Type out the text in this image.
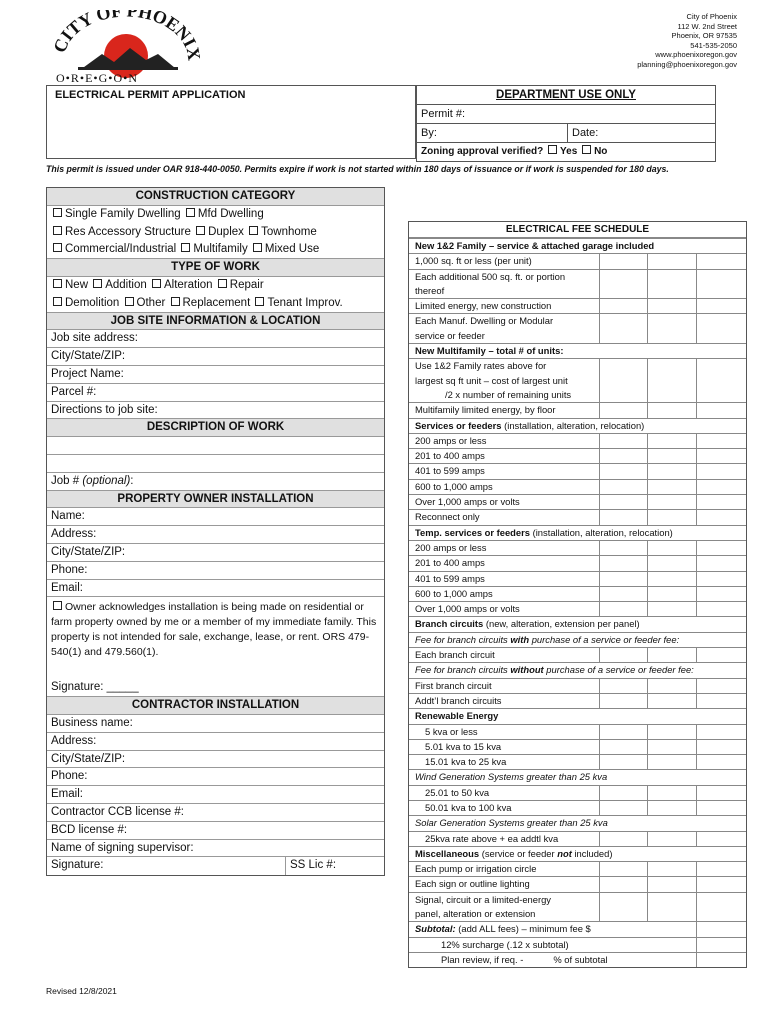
CITY OF PHOENI
O•R•E•G•O•N
City of Phoenix
112 W. 2nd Street
Phoenix, OR 97535
541-535-2050
www.phoenixoregon.gov
planning@phoenixoregon.gov
ELECTRICAL PERMIT APPLICATION	DEPARTMENT USE ONLY
Permit #:
By:	Date:
Zoning approval verified? Yes No
This permit is issued under OAR 918-440-0050. Permits expire if work is not started within 180 days of issuance or if work is suspended for 180 days.
CONSTRUCTION CATEGORY
Single Family Dwelling Mfd Dwelling
Res Accessory Structure Duplex Townhome
Commercial/Industrial Multifamily Mixed Use
TYPE OF WORK
New Addition Alteration Repair
Demolition Other Replacement Tenant Improv.
JOB SITE INFORMATION & LOCATION
Job site address:
City/State/ZIP:
Project Name:
Parcel #:
Directions to job site:
DESCRIPTION OF WORK
Job # (optional):
PROPERTY OWNER INSTALLATION
Name:
Address:
City/State/ZIP:
Phone:
Email:
Owner acknowledges installation is being made on residential or farm property owned by me or a member of my immediate family. This property is not intended for sale, exchange, lease, or rent. ORS 479-540(1) and 479.560(1).
Signature: _____
CONTRACTOR INSTALLATION
Business name:
Address:
City/State/ZIP:
Phone:
Email:
Contractor CCB license #:
BCD license #:
Name of signing supervisor:
Signature:	SS Lic #:
ELECTRICAL FEE SCHEDULE
New 1&2 Family – service & attached garage included
1,000 sq. ft or less (per unit)
Each additional 500 sq. ft. or portion
thereof
Limited energy, new construction
Each Manuf. Dwelling or Modular
service or feeder
New Multifamily – total # of units:
Use 1&2 Family rates above for
largest sq ft unit – cost of largest unit
/2 x number of remaining units
Multifamily limited energy, by floor
Services or feeders (installation, alteration, relocation)
200 amps or less
201 to 400 amps
401 to 599 amps
600 to 1,000 amps
Over 1,000 amps or volts
Reconnect only
Temp. services or feeders (installation, alteration, relocation)
200 amps or less
201 to 400 amps
401 to 599 amps
600 to 1,000 amps
Over 1,000 amps or volts
Branch circuits (new, alteration, extension per panel)
Fee for branch circuits with purchase of a service or feeder fee:
Each branch circuit
Fee for branch circuits without purchase of a service or feeder fee:
First branch circuit
Addt’l branch circuits
Renewable Energy
5 kva or less
5.01 kva to 15 kva
15.01 kva to 25 kva
Wind Generation Systems greater than 25 kva
25.01 to 50 kva
50.01 kva to 100 kva
Solar Generation Systems greater than 25 kva
25kva rate above + ea addtl kva
Miscellaneous (service or feeder not included)
Each pump or irrigation circle
Each sign or outline lighting
Signal, circuit or a limited-energy
panel, alteration or extension
Subtotal: (add ALL fees) – minimum fee $
12% surcharge (.12 x subtotal)
Plan review, if req. -	% of subtotal
Revised 12/8/2021
